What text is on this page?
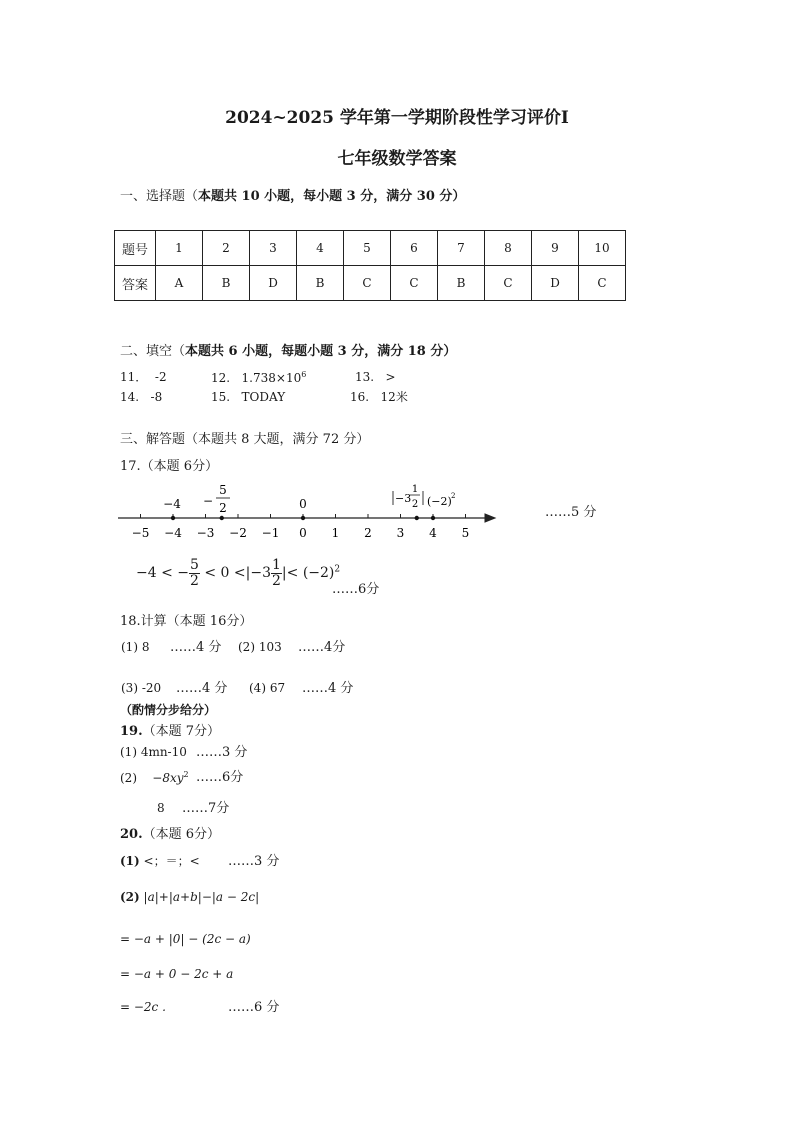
2024~2025 学年第一学期阶段性学习评价Ⅰ
七年级数学答案
一、选择题（本题共 10 小题，每小题 3 分，满分 30 分）
题号	1	2	3	4	5	6	7	8	9	10
答案	A	B	D	B	C	C	B	C	D	C
二、填空（本题共 6 小题，每题小题 3 分，满分 18 分）
11． -2	12. $1.738\times 10^6$	13. >
14. -8	15. TODAY	16. 12米
三、解答题（本题共 8 大题，满分 72 分）
17.（本题 6分）
−5 −4 −3 −2 −1 0 1 2 3 4 5
−4 −
5
2	0	−3
1
2 (−2) 2
……5 分
−4 < − $\frac{5}{2} < 0 <|-3 \frac{1}{2}$ |< $(-2)^2$
……6分
18.计算（本题 16分）
(1) 8 ……4 分 (2) 103 ……4分
(3) -20 ……4 分 (4) 67 ……4 分
（酌情分步给分）
19.（本题 7分）
(1) 4mn-10 ……3 分
$(2) -8xy^2$ ……6分
8 ……7分
20.（本题 6分）
(1) <；＝；< ……3 分
(2) |a|+|a+b|−|a − 2c|
= −a + |0| − (2c − a)
= −a + 0 − 2c + a
= −2c .	……6 分
